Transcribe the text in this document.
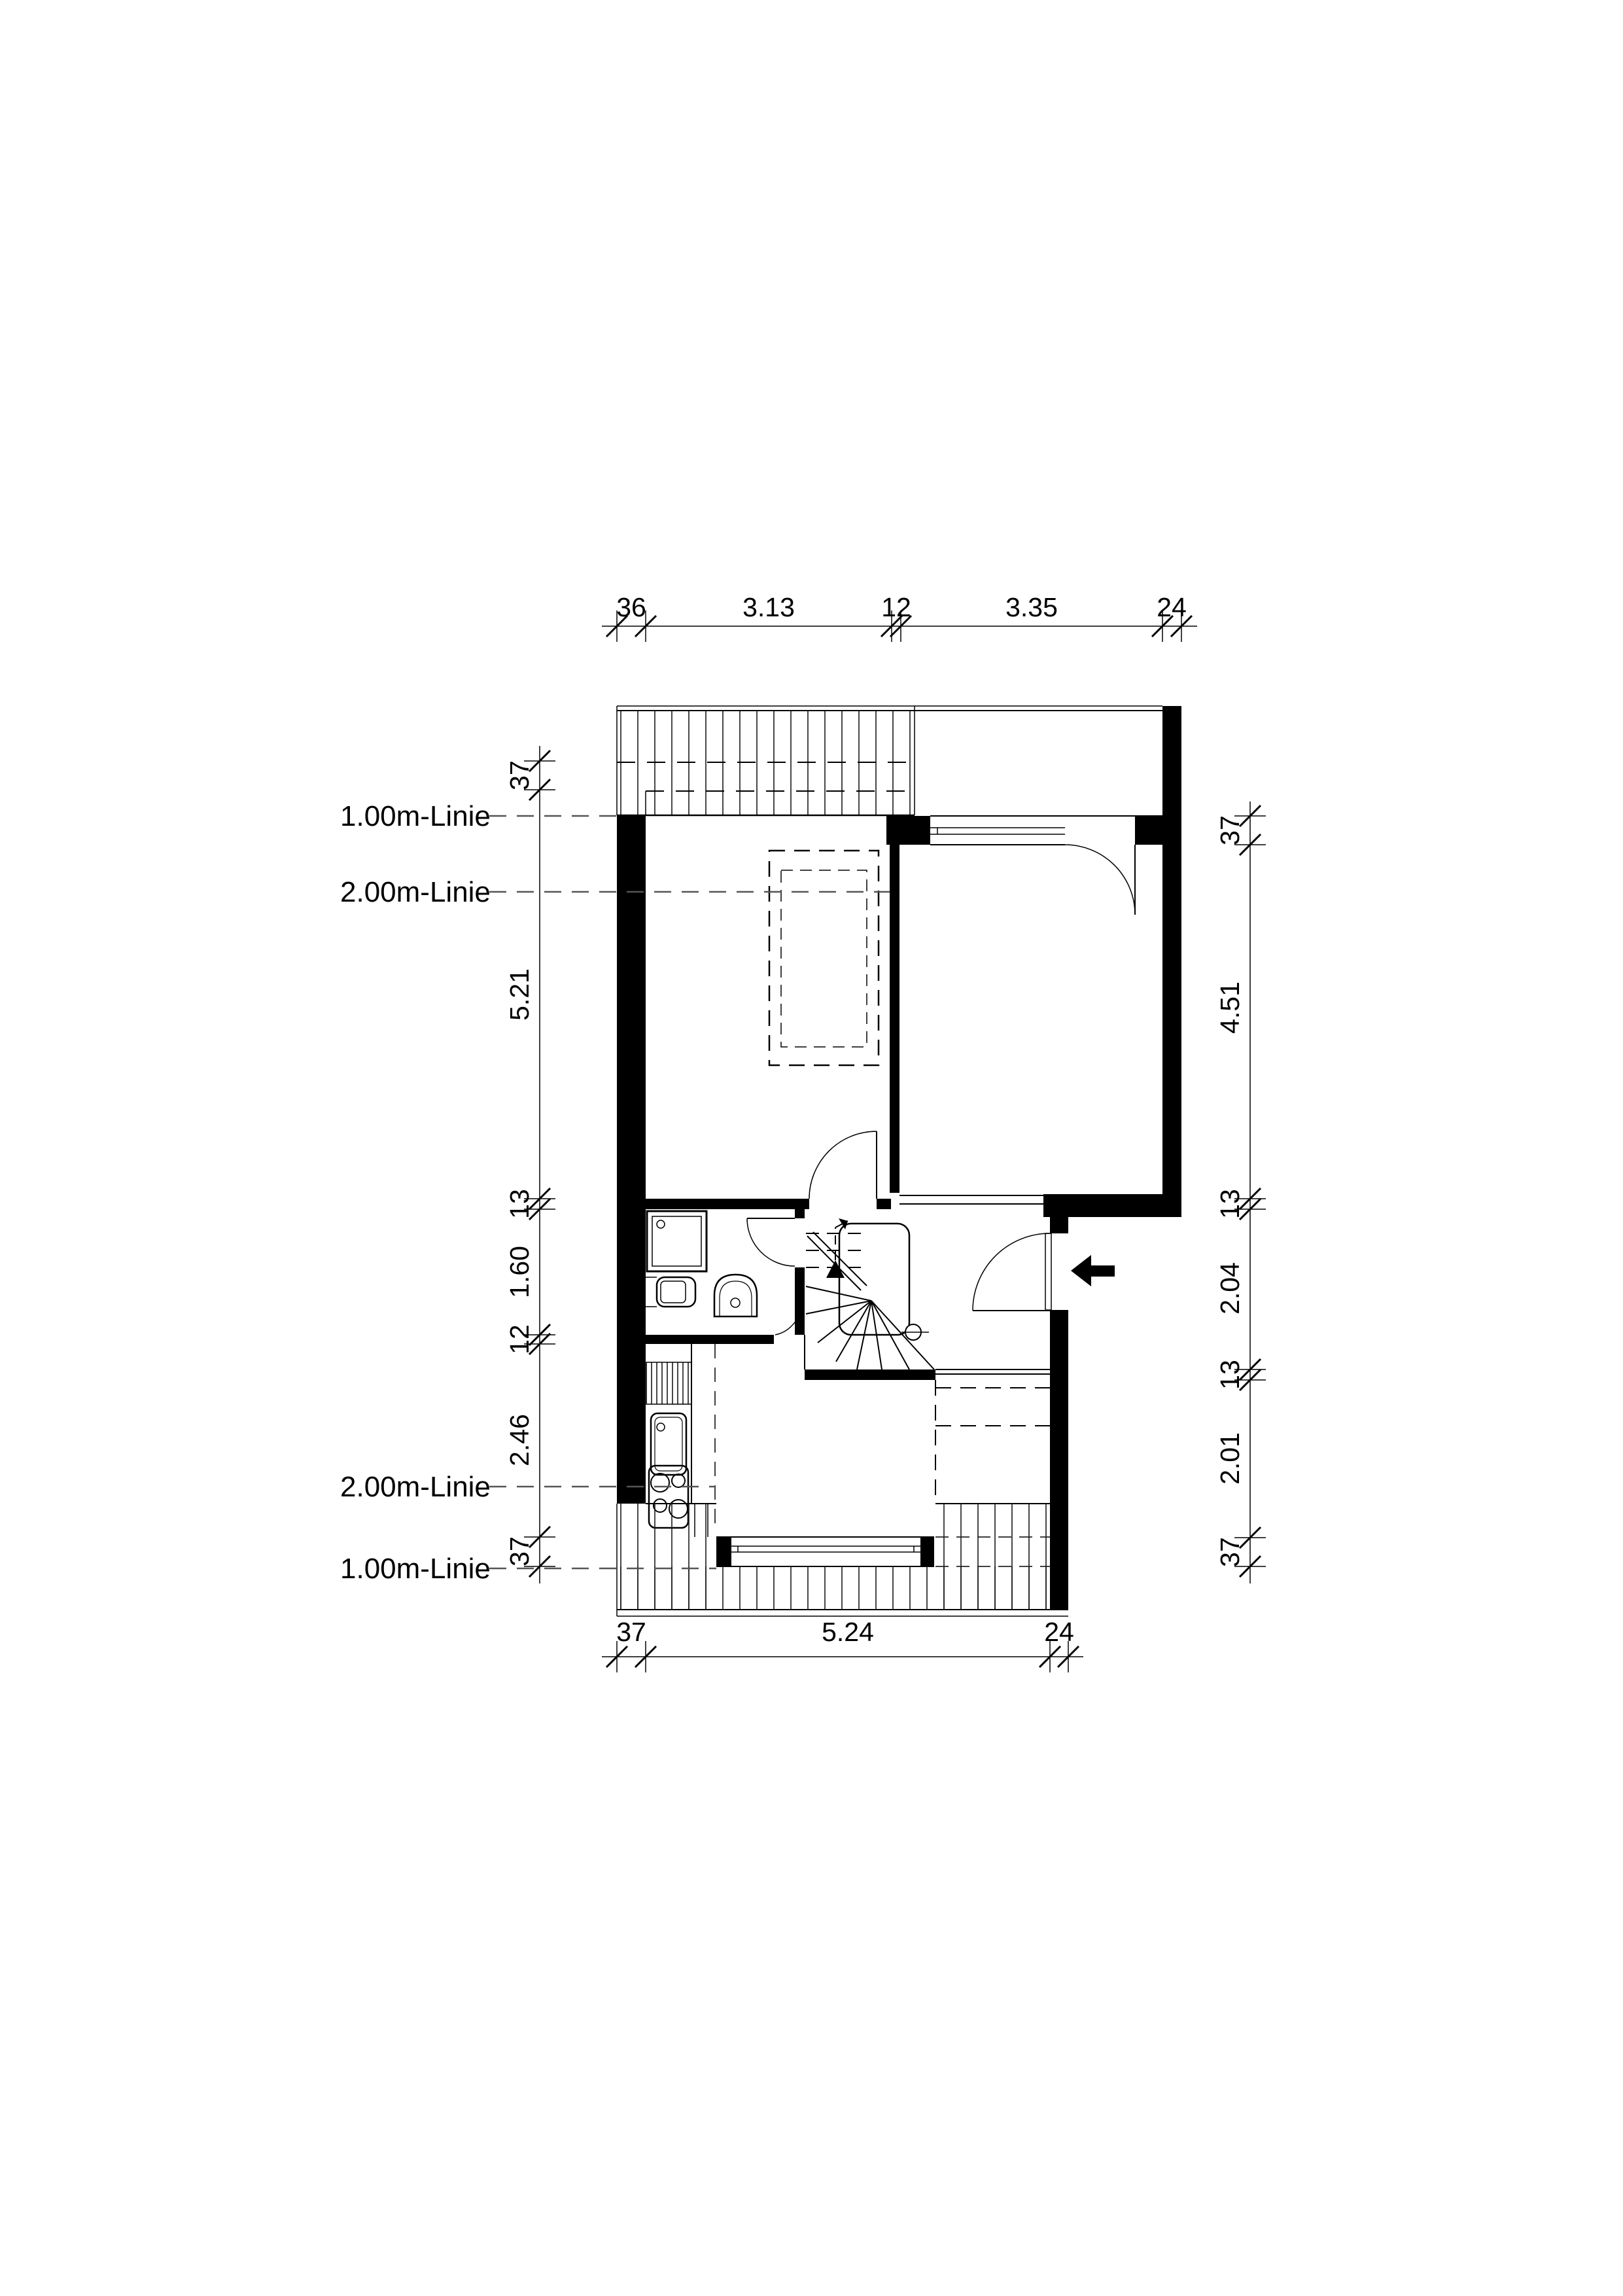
1.00m-Linie
2.00m-Linie
2.00m-Linie
1.00m-Linie
36	3.13	12	3.35	24
37
5.21
13
1.60
12
2.46
37
37
4.51
13
2.04
13
2.01
37
37	5.24	24
